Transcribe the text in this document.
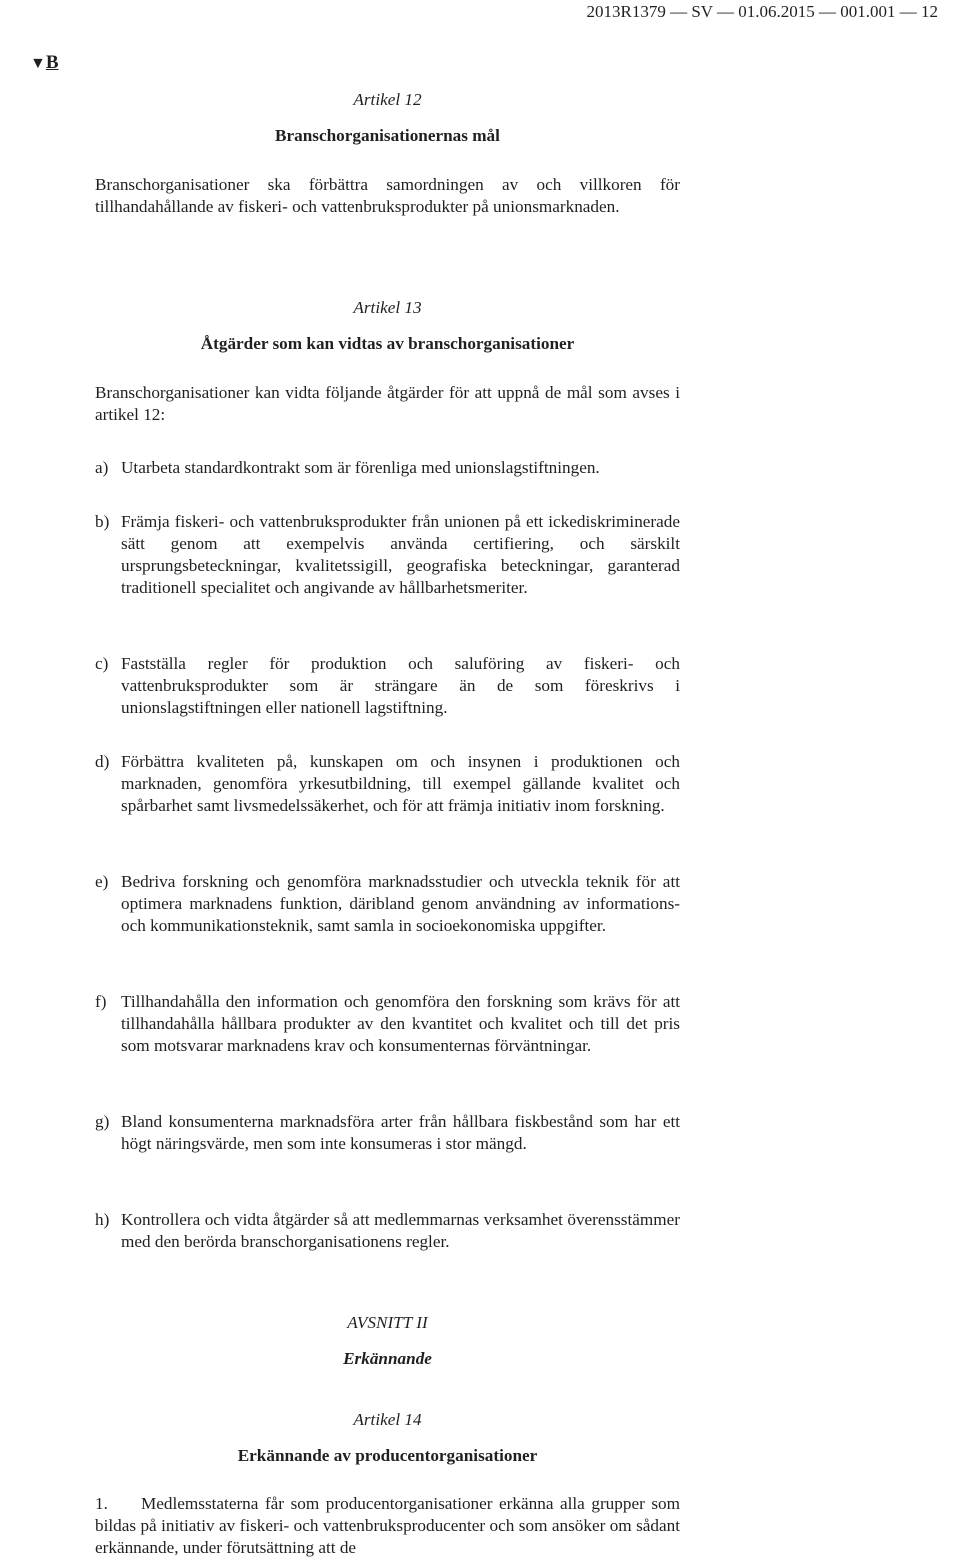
2013R1379 — SV — 01.06.2015 — 001.001 — 12
▼B
Artikel 12
Branschorganisationernas mål
Branschorganisationer ska förbättra samordningen av och villkoren för tillhandahållande av fiskeri- och vattenbruksprodukter på unionsmarknaden.
Artikel 13
Åtgärder som kan vidtas av branschorganisationer
Branschorganisationer kan vidta följande åtgärder för att uppnå de mål som avses i artikel 12:
a) Utarbeta standardkontrakt som är förenliga med unionslagstiftningen.
b) Främja fiskeri- och vattenbruksprodukter från unionen på ett ickediskriminerade sätt genom att exempelvis använda certifiering, och särskilt ursprungsbeteckningar, kvalitetssigill, geografiska beteckningar, garanterad traditionell specialitet och angivande av hållbarhetsmeriter.
c) Fastställa regler för produktion och saluföring av fiskeri- och vattenbruksprodukter som är strängare än de som föreskrivs i unionslagstiftningen eller nationell lagstiftning.
d) Förbättra kvaliteten på, kunskapen om och insynen i produktionen och marknaden, genomföra yrkesutbildning, till exempel gällande kvalitet och spårbarhet samt livsmedelssäkerhet, och för att främja initiativ inom forskning.
e) Bedriva forskning och genomföra marknadsstudier och utveckla teknik för att optimera marknadens funktion, däribland genom användning av informations- och kommunikationsteknik, samt samla in socioekonomiska uppgifter.
f) Tillhandahålla den information och genomföra den forskning som krävs för att tillhandahålla hållbara produkter av den kvantitet och kvalitet och till det pris som motsvarar marknadens krav och konsumenternas förväntningar.
g) Bland konsumenterna marknadsföra arter från hållbara fiskbestånd som har ett högt näringsvärde, men som inte konsumeras i stor mängd.
h) Kontrollera och vidta åtgärder så att medlemmarnas verksamhet överensstämmer med den berörda branschorganisationens regler.
AVSNITT II
Erkännande
Artikel 14
Erkännande av producentorganisationer
1.	Medlemsstaterna får som producentorganisationer erkänna alla grupper som bildas på initiativ av fiskeri- och vattenbruksproducenter och som ansöker om sådant erkännande, under förutsättning att de
